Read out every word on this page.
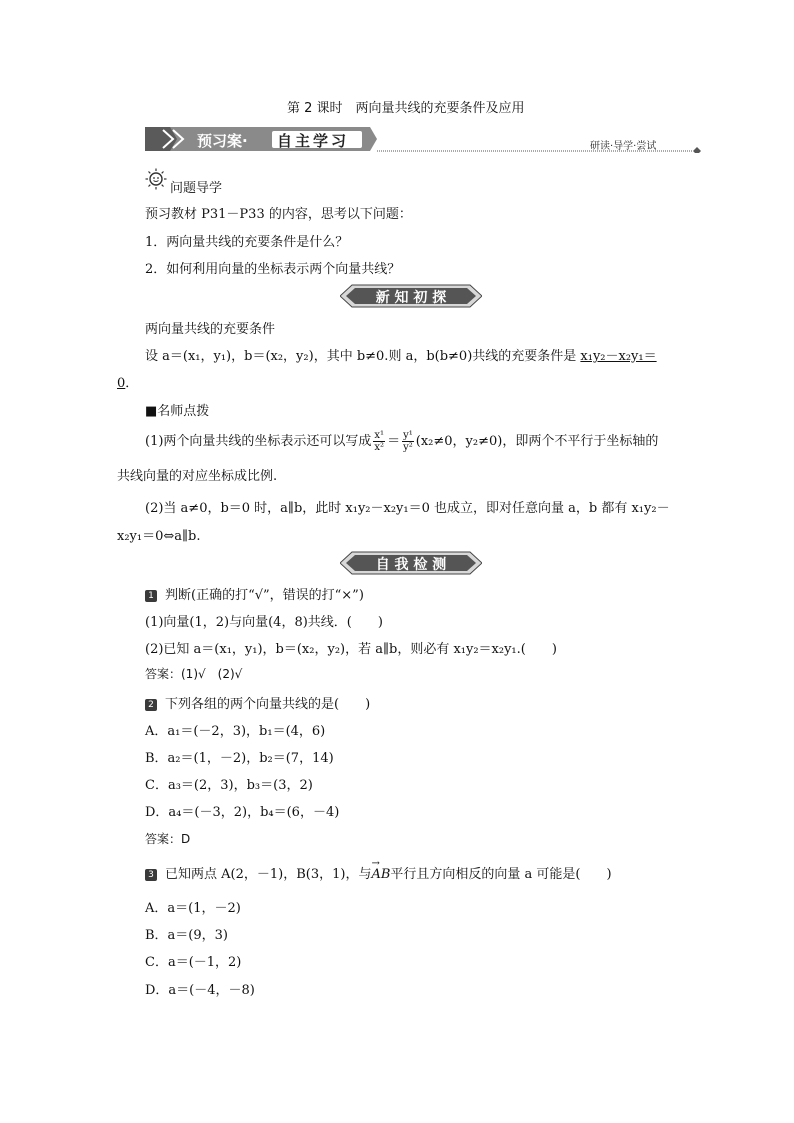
第 2 课时　两向量共线的充要条件及应用
预习案· 自主学习	研读·导学·尝试
问题导学
预习教材 P31－P33 的内容，思考以下问题：
1．两向量共线的充要条件是什么？
2．如何利用向量的坐标表示两个向量共线？
新 知 初 探
两向量共线的充要条件
设 a＝(x₁，y₁)，b＝(x₂，y₂)，其中 b≠0.则 a，b(b≠0)共线的充要条件是 x₁y₂－x₂y₁＝
0．
■名师点拨
(1)两个向量共线的坐标表示还可以写成 $\frac{\text{x¹}}{\text{x²}} = \frac{\text{y¹}}{\text{y²}} (x_2\ne 0$，y₂≠0)，即两个不平行于坐标轴的
共线向量的对应坐标成比例.
(2)当 a≠0，b＝0 时，a∥b，此时 x₁y₂－x₂y₁＝0 也成立，即对任意向量 a，b 都有 x₁y₂－
x₂y₁＝0⇔a∥b.
自 我 检 测
1 判断(正确的打“√”，错误的打“×”)
(1)向量(1，2)与向量(4，8)共线．(　　)
(2)已知 a＝(x₁，y₁)，b＝(x₂，y₂)，若 a∥b，则必有 x₁y₂＝x₂y₁.(　　)
答案：(1)√　(2)√
2 下列各组的两个向量共线的是(　　)
A．a₁＝(－2，3)，b₁＝(4，6)
B．a₂＝(1，－2)，b₂＝(7，14)
C．a₃＝(2，3)，b₃＝(3，2)
D．a₄＝(－3，2)，b₄＝(6，－4)
答案：D
3 已知两点 A(2，－1)，B(3，1)，与
→
AB平行且方向相反的向量 a 可能是(　　)
A．a＝(1，－2)
B．a＝(9，3)
C．a＝(－1，2)
D．a＝(－4，－8)
